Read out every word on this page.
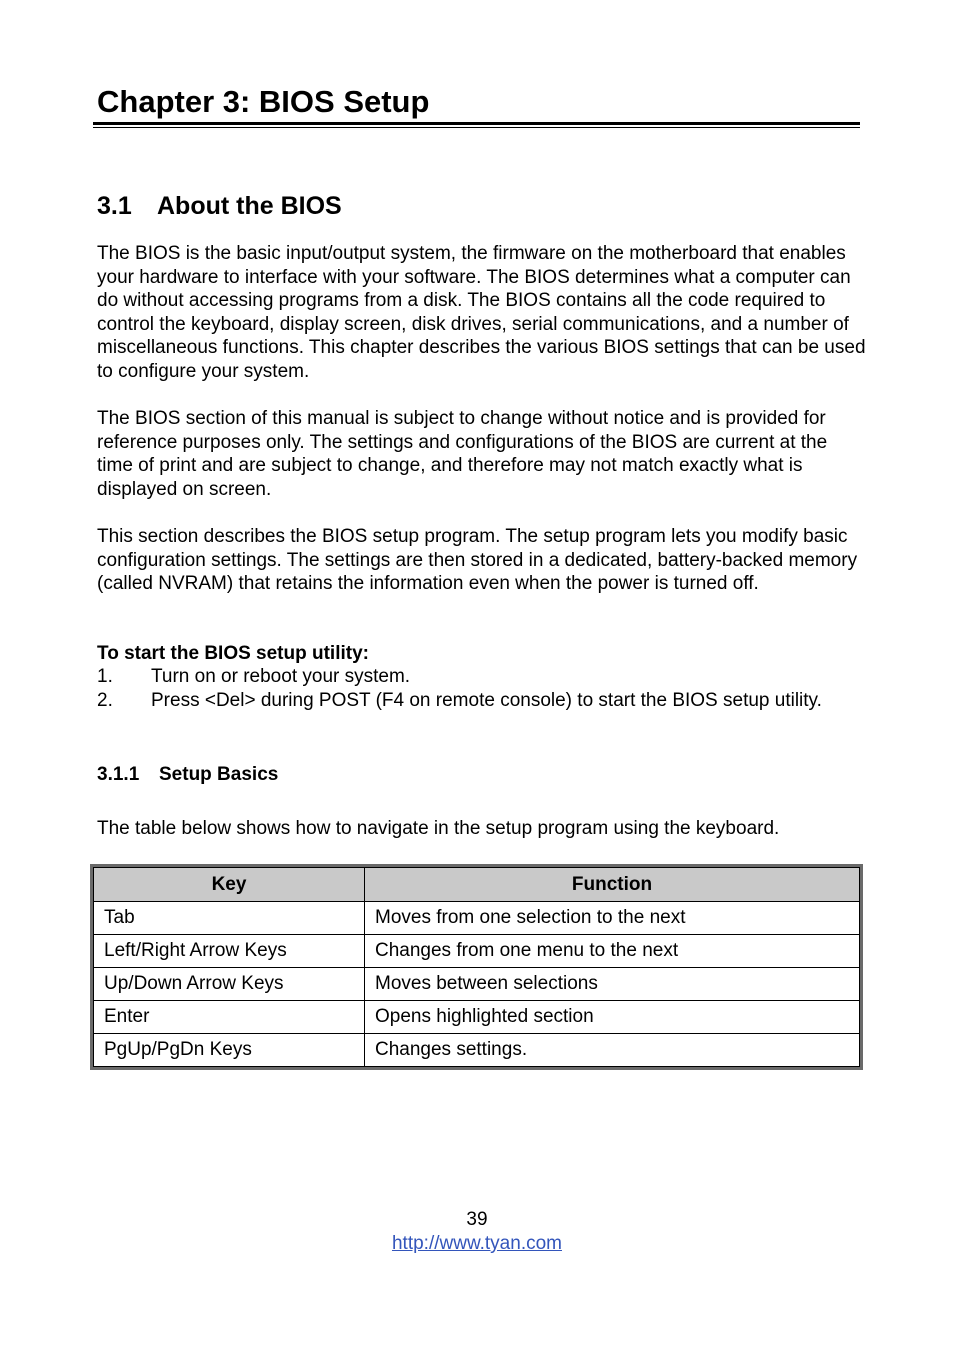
Chapter 3: BIOS Setup
3.1 About the BIOS

The BIOS is the basic input/output system, the firmware on the motherboard that enables your hardware to interface with your software. The BIOS determines what a computer can do without accessing programs from a disk. The BIOS contains all the code required to control the keyboard, display screen, disk drives, serial communications, and a number of miscellaneous functions. This chapter describes the various BIOS settings that can be used to configure your system.

The BIOS section of this manual is subject to change without notice and is provided for reference purposes only. The settings and configurations of the BIOS are current at the time of print and are subject to change, and therefore may not match exactly what is displayed on screen.

This section describes the BIOS setup program. The setup program lets you modify basic configuration settings. The settings are then stored in a dedicated, battery-backed memory (called NVRAM) that retains the information even when the power is turned off.

To start the BIOS setup utility:

1. Turn on or reboot your system.
2. Press <Del> during POST (F4 on remote console) to start the BIOS setup utility.
3.1.1 Setup Basics

The table below shows how to navigate in the setup program using the keyboard.

Key	Function
Tab	Moves from one selection to the next
Left/Right Arrow Keys	Changes from one menu to the next
Up/Down Arrow Keys	Moves between selections
Enter	Opens highlighted section
PgUp/PgDn Keys	Changes settings.

39

http://www.tyan.com
